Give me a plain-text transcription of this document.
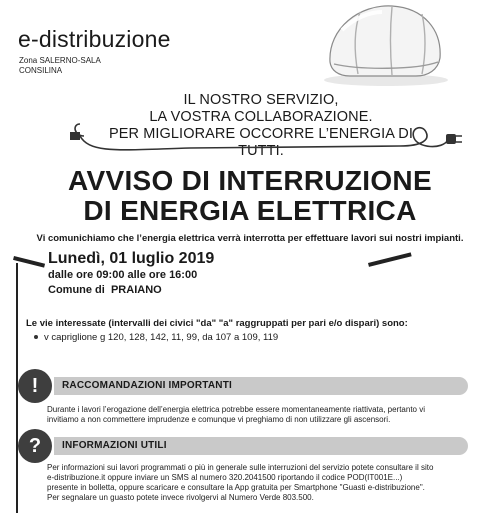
e-distribuzione
Zona SALERNO-SALA
CONSILINA
IL NOSTRO SERVIZIO,
LA VOSTRA COLLABORAZIONE.
PER MIGLIORARE OCCORRE L’ENERGIA DI TUTTI.
AVVISO DI INTERRUZIONE
DI ENERGIA ELETTRICA
Vi comunichiamo che l’energia elettrica verrà interrotta per effettuare lavori sui nostri impianti.
Lunedì, 01 luglio 2019
dalle ore 09:00 alle ore 16:00
Comune di PRAIANO
Le vie interessate (intervalli dei civici "da" "a" raggruppati per pari e/o dispari) sono:
v capriglione g 120, 128, 142, 11, 99, da 107 a 109, 119
!	RACCOMANDAZIONI IMPORTANTI
Durante i lavori l’erogazione dell’energia elettrica potrebbe essere momentaneamente riattivata, pertanto vi
invitiamo a non commettere imprudenze e comunque vi preghiamo di non utilizzare gli ascensori.
?	INFORMAZIONI UTILI
Per informazioni sui lavori programmati o più in generale sulle interruzioni del servizio potete consultare il sito
e-distribuzione.it oppure inviare un SMS al numero 320.2041500 riportando il codice POD(IT001E...)
presente in bolletta, oppure scaricare e consultare la App gratuita per Smartphone "Guasti e-distribuzione".
Per segnalare un guasto potete invece rivolgervi al Numero Verde 803.500.
